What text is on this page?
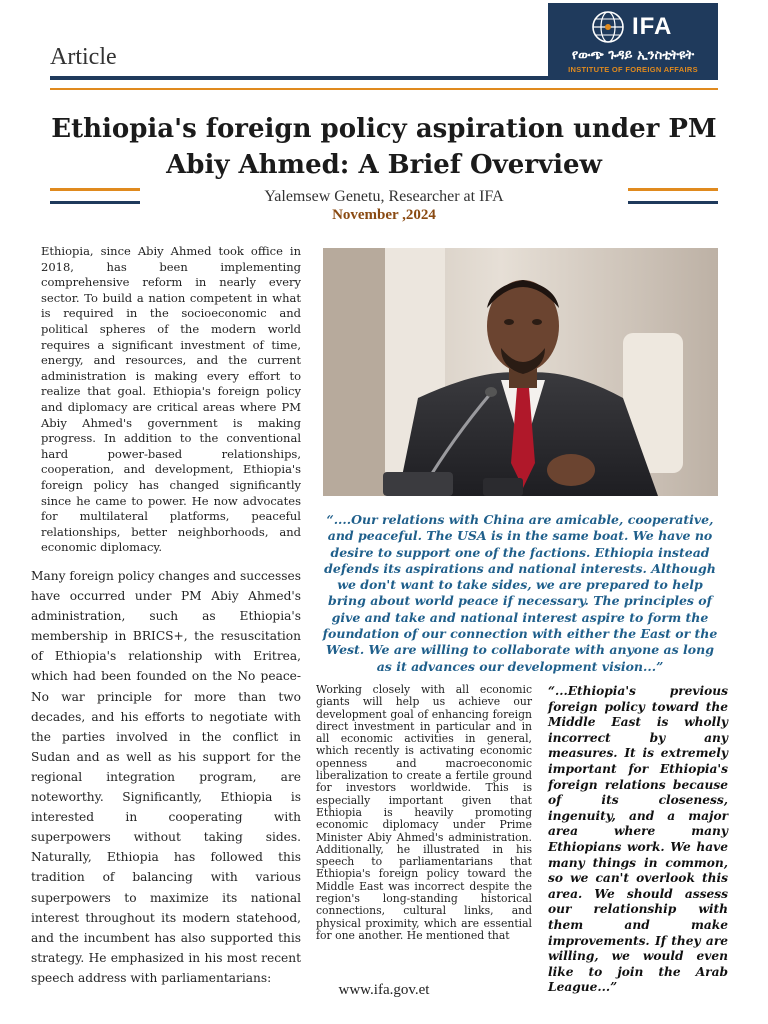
Article
IFA
የውጭ ጉዳይ ኢንስቲትዩት
INSTITUTE OF FOREIGN AFFAIRS
Ethiopia's foreign policy aspiration under PM Abiy Ahmed: A Brief Overview
Yalemsew Genetu, Researcher at IFA
November ,2024

Ethiopia, since Abiy Ahmed took office in 2018, has been implementing comprehensive reform in nearly every sector. To build a nation competent in what is required in the socioeconomic and political spheres of the modern world requires a significant investment of time, energy, and resources, and the current administration is making every effort to realize that goal. Ethiopia's foreign policy and diplomacy are critical areas where PM Abiy Ahmed's government is making progress. In addition to the conventional hard power-based relationships, cooperation, and development, Ethiopia's foreign policy has changed significantly since he came to power. He now advocates for multilateral platforms, peaceful relationships, better neighborhoods, and economic diplomacy.

Many foreign policy changes and successes have occurred under PM Abiy Ahmed's administration, such as Ethiopia's membership in BRICS+, the resuscitation of Ethiopia's relationship with Eritrea, which had been founded on the No peace- No war principle for more than two decades, and his efforts to negotiate with the parties involved in the conflict in Sudan and as well as his support for the regional integration program, are noteworthy. Significantly, Ethiopia is interested in cooperating with superpowers without taking sides. Naturally, Ethiopia has followed this tradition of balancing with various superpowers to maximize its national interest throughout its modern statehood, and the incumbent has also supported this strategy. He emphasized in his most recent speech address with parliamentarians:

“....Our relations with China are amicable, cooperative, and peaceful. The USA is in the same boat. We have no desire to support one of the factions. Ethiopia instead defends its aspirations and national interests. Although we don't want to take sides, we are prepared to help bring about world peace if necessary. The principles of give and take and national interest aspire to form the foundation of our connection with either the East or the West. We are willing to collaborate with anyone as long as it advances our development vision...”

Working closely with all economic giants will help us achieve our development goal of enhancing foreign direct investment in particular and in all economic activities in general, which recently is activating economic openness and macroeconomic liberalization to create a fertile ground for investors worldwide. This is especially important given that Ethiopia is heavily promoting economic diplomacy under Prime Minister Abiy Ahmed's administration. Additionally, he illustrated in his speech to parliamentarians that Ethiopia's foreign policy toward the Middle East was incorrect despite the region's long-standing historical connections, cultural links, and physical proximity, which are essential for one another. He mentioned that

“...Ethiopia's previous foreign policy toward the Middle East is wholly incorrect by any measures. It is extremely important for Ethiopia's foreign relations because of its closeness, ingenuity, and a major area where many Ethiopians work. We have many things in common, so we can't overlook this area. We should assess our relationship with them and make improvements. If they are willing, we would even like to join the Arab League...”

www.ifa.gov.et
